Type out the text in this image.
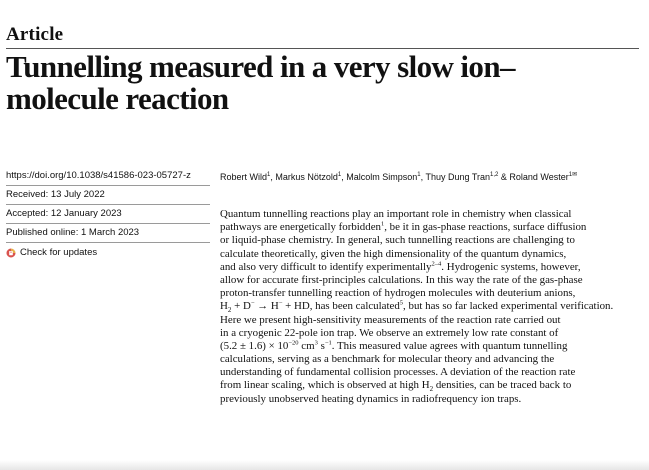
Article
Tunnelling measured in a very slow ion–
molecule reaction
https://doi.org/10.1038/s41586-023-05727-z
Received: 13 July 2022
Accepted: 12 January 2023
Published online: 1 March 2023
Check for updates
Robert Wild$^1$, Markus Nötzold$^1$, Malcolm Simpson$^1$, Thuy Dung Tran$^{1,2}$ & Roland Wester$^{1✉}$
Quantum tunnelling reactions play an important role in chemistry when classical
pathways are energetically forbidden$^1$, be it in gas-phase reactions, surface diffusion
or liquid-phase chemistry. In general, such tunnelling reactions are challenging to
calculate theoretically, given the high dimensionality of the quantum dynamics,
and also very difficult to identify experimentally$^{2-4}$. Hydrogenic systems, however,
allow for accurate first-principles calculations. In this way the rate of the gas-phase
proton-transfer tunnelling reaction of hydrogen molecules with deuterium anions,
$H_2 + D^- \to H^-$ + HD, has been calculated$^5$, but has so far lacked experimental verification.
Here we present high-sensitivity measurements of the reaction rate carried out
in a cryogenic 22-pole ion trap. We observe an extremely low rate constant of
$(5.2 \pm 1.6) \times 10^{-20}$ $cm^3$ $s^{-1}$. This measured value agrees with quantum tunnelling
calculations, serving as a benchmark for molecular theory and advancing the
understanding of fundamental collision processes. A deviation of the reaction rate
from linear scaling, which is observed at high $H_2$ densities, can be traced back to
previously unobserved heating dynamics in radiofrequency ion traps.
